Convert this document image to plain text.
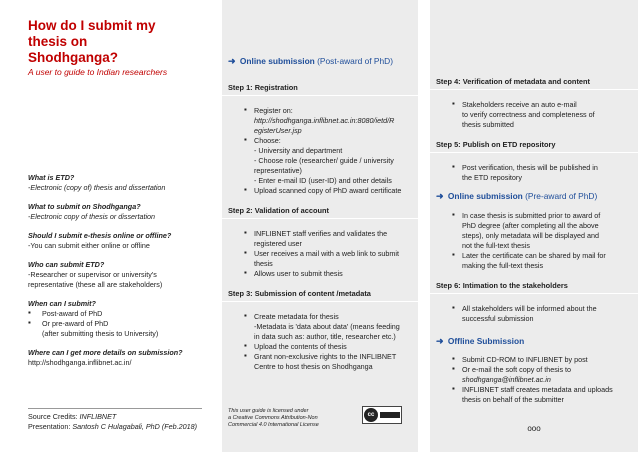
How do I submit my thesis on

Shodhganga?

A user to guide to Indian researchers

What is ETD?

-Electronic (copy of) thesis and dissertation

What to submit on Shodhganga?

-Electronic copy of thesis or dissertation

Should I submit e-thesis online or offline?

-You can submit either online or offline

Who can submit ETD?

-Researcher or supervisor or university's

representative (these all are stakeholders)

When can I submit?

▪ Post-award of PhD
▪ Or pre-award of PhD

(after submitting thesis to University)

Where can I get more details on submission?

http://shodhganga.inflibnet.ac.in/

Source Credits: INFLIBNET
Presentation: Santosh C Hulagabali, PhD (Feb.2018)
➜ Online submission (Post-award of PhD)
Step 1: Registration
▪ Register on:
http://shodhganga.inflibnet.ac.in:8080/ietd/R
egisterUser.jsp
▪ Choose:
- University and department
- Choose role (researcher/ guide / university
representative)
- Enter e-mail ID (user-ID) and other details
▪ Upload scanned copy of PhD award certificate
Step 2: Validation of account
▪ INFLIBNET staff verifies and validates the
registered user
▪ User receives a mail with a web link to submit
thesis
▪ Allows user to submit thesis
Step 3: Submission of content /metadata
▪ Create metadata for thesis
-Metadata is 'data about data' (means feeding
in data such as: author, title, researcher etc.)
▪ Upload the contents of thesis
▪ Grant non-exclusive rights to the INFLIBNET
Centre to host thesis on Shodhganga
This user guide is licensed under
a Creative Commons Attribution-Non
Commercial 4.0 International License
cc
Step 4: Verification of metadata and content
▪ Stakeholders receive an auto e-mail
to verify correctness and completeness of
thesis submitted
Step 5: Publish on ETD repository
▪ Post verification, thesis will be published in
the ETD repository
➜ Online submission (Pre-award of PhD)
▪ In case thesis is submitted prior to award of
PhD degree (after completing all the above
steps), only metadata will be displayed and
not the full-text thesis
▪ Later the certificate can be shared by mail for
making the full-text thesis
Step 6: Intimation to the stakeholders
▪ All stakeholders will be informed about the
successful submission
➜ Offline Submission
▪ Submit CD-ROM to INFLIBNET by post
▪ Or e-mail the soft copy of thesis to
shodhganga@inflibnet.ac.in
▪ INFLIBNET staff creates metadata and uploads
thesis on behalf of the submitter
ooo
